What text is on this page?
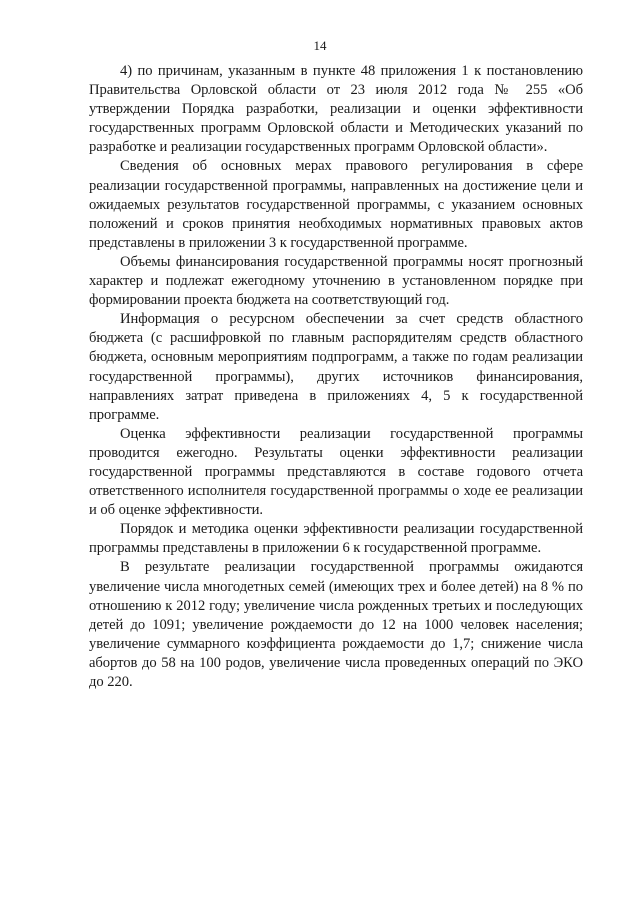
14

4) по причинам, указанным в пункте 48 приложения 1 к постановлению Правительства Орловской области от 23 июля 2012 года № 255 «Об утверждении Порядка разработки, реализации и оценки эффективности государственных программ Орловской области и Методических указаний по разработке и реализации государственных программ Орловской области».

Сведения об основных мерах правового регулирования в сфере реализации государственной программы, направленных на достижение цели и ожидаемых результатов государственной программы, с указанием основных положений и сроков принятия необходимых нормативных правовых актов представлены в приложении 3 к государственной программе.

Объемы финансирования государственной программы носят прогнозный характер и подлежат ежегодному уточнению в установленном порядке при формировании проекта бюджета на соответствующий год.

Информация о ресурсном обеспечении за счет средств областного бюджета (с расшифровкой по главным распорядителям средств областного бюджета, основным мероприятиям подпрограмм, а также по годам реализации государственной программы), других источников финансирования, направлениях затрат приведена в приложениях 4, 5 к государственной программе.

Оценка эффективности реализации государственной программы проводится ежегодно. Результаты оценки эффективности реализации государственной программы представляются в составе годового отчета ответственного исполнителя государственной программы о ходе ее реализации и об оценке эффективности.

Порядок и методика оценки эффективности реализации государственной программы представлены в приложении 6 к государственной программе.

В результате реализации государственной программы ожидаются увеличение числа многодетных семей (имеющих трех и более детей) на 8 % по отношению к 2012 году; увеличение числа рожденных третьих и последующих детей до 1091; увеличение рождаемости до 12 на 1000 человек населения; увеличение суммарного коэффициента рождаемости до 1,7; снижение числа абортов до 58 на 100 родов, увеличение числа проведенных операций по ЭКО до 220.
